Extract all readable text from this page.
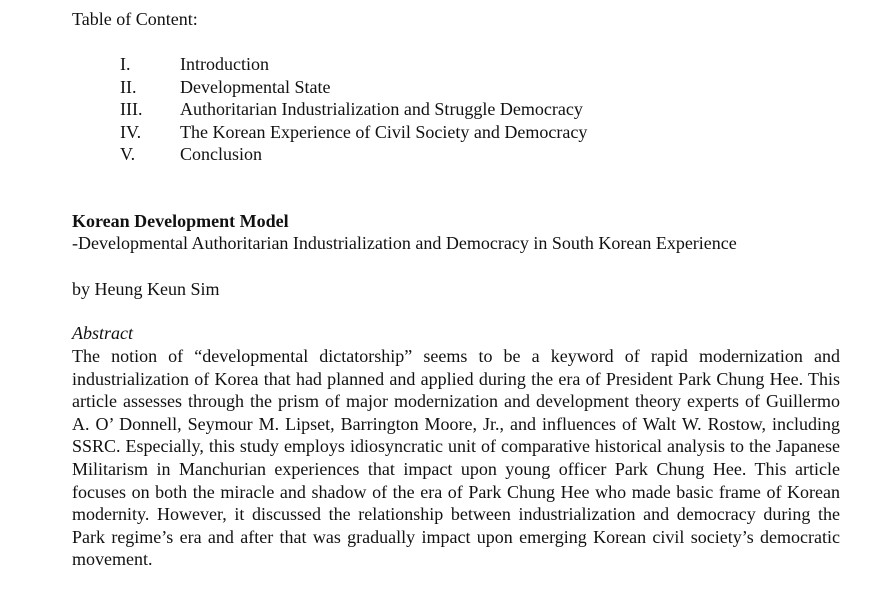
Table of Content:
I.	Introduction
II.	Developmental State
III.	Authoritarian Industrialization and Struggle Democracy
IV.	The Korean Experience of Civil Society and Democracy
V.	Conclusion
Korean Development Model
-Developmental Authoritarian Industrialization and Democracy in South Korean Experience
by Heung Keun Sim
Abstract

The notion of “developmental dictatorship” seems to be a keyword of rapid modernization and industrialization of Korea that had planned and applied during the era of President Park Chung Hee. This article assesses through the prism of major modernization and development theory experts of Guillermo A. O’ Donnell, Seymour M. Lipset, Barrington Moore, Jr., and influences of Walt W. Rostow, including SSRC. Especially, this study employs idiosyncratic unit of comparative historical analysis to the Japanese Militarism in Manchurian experiences that impact upon young officer Park Chung Hee. This article focuses on both the miracle and shadow of the era of Park Chung Hee who made basic frame of Korean modernity. However, it discussed the relationship between industrialization and democracy during the Park regime’s era and after that was gradually impact upon emerging Korean civil society’s democratic movement.
